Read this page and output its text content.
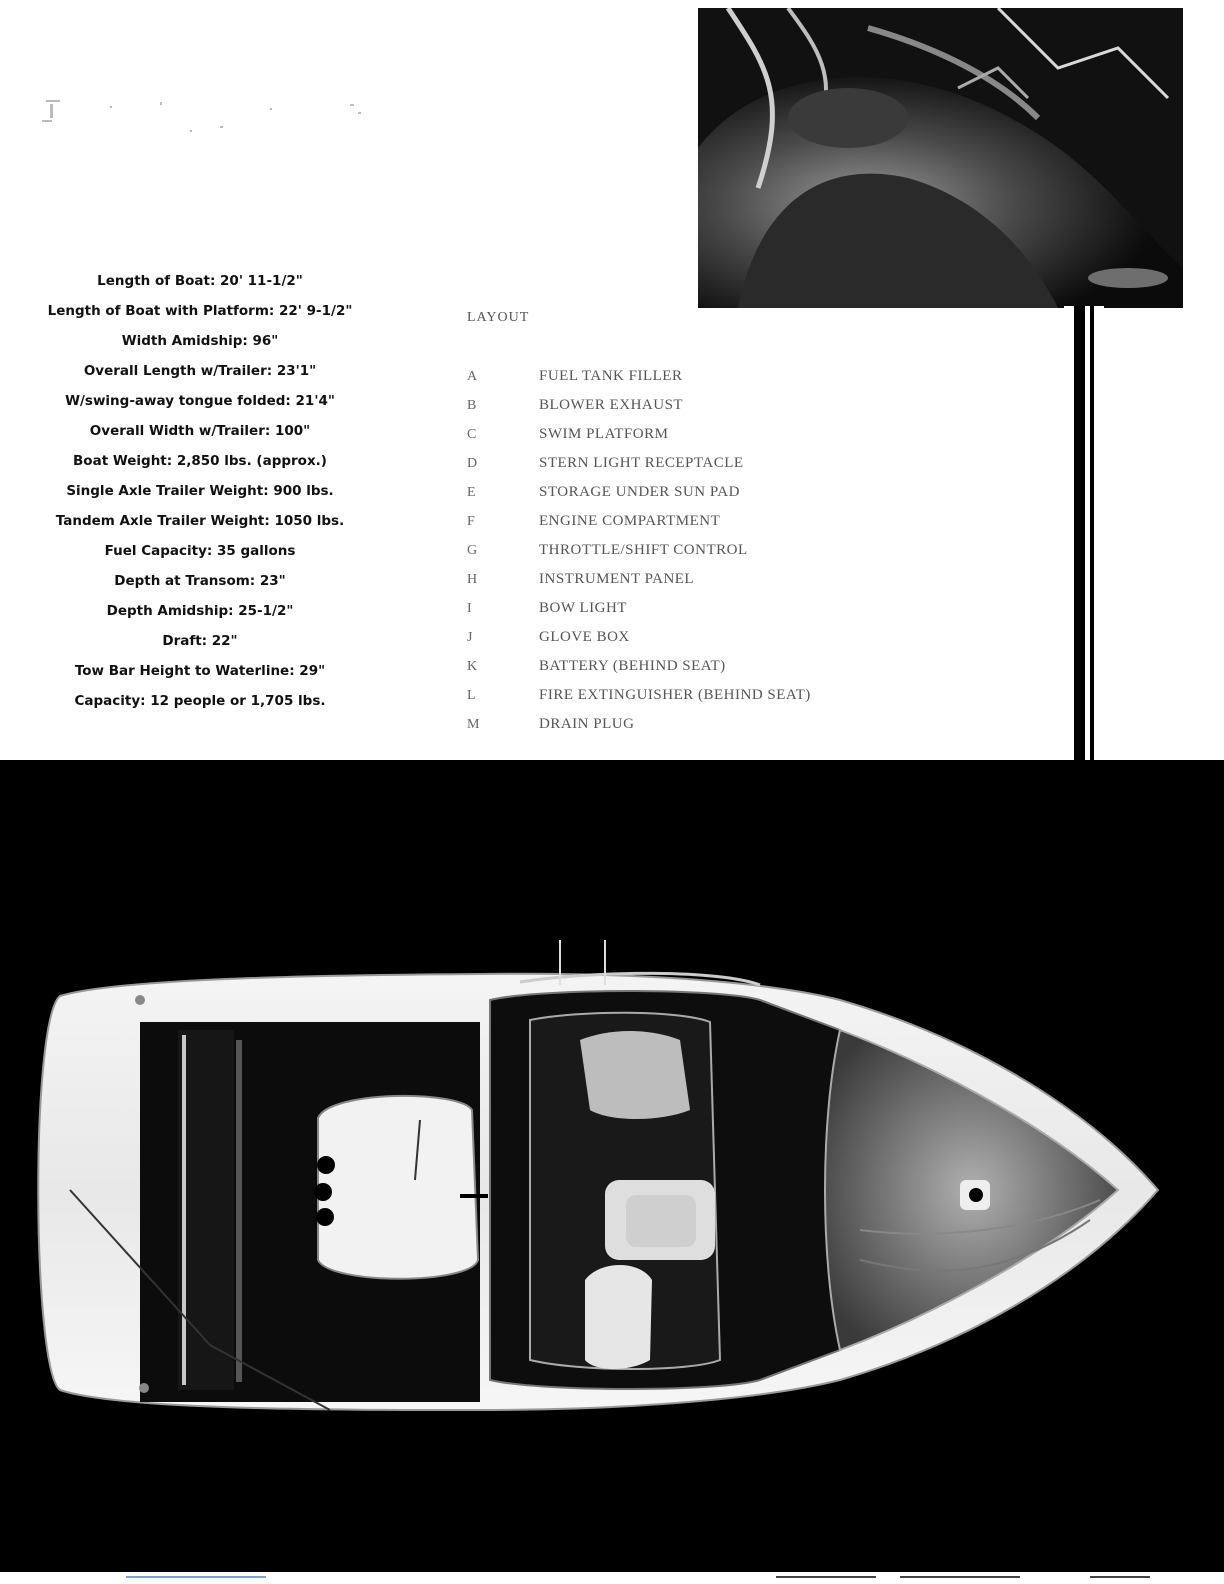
Length of Boat: 20' 11-1/2"
Length of Boat with Platform: 22' 9-1/2"
Width Amidship: 96"
Overall Length w/Trailer: 23'1"
W/swing-away tongue folded: 21'4"
Overall Width w/Trailer: 100"
Boat Weight: 2,850 lbs. (approx.)
Single Axle Trailer Weight: 900 lbs.
Tandem Axle Trailer Weight: 1050 lbs.
Fuel Capacity: 35 gallons
Depth at Transom: 23"
Depth Amidship: 25-1/2"
Draft: 22"
Tow Bar Height to Waterline: 29"
Capacity: 12 people or 1,705 lbs.
LAYOUT
A	FUEL TANK FILLER
B	BLOWER EXHAUST
C	SWIM PLATFORM
D	STERN LIGHT RECEPTACLE
E	STORAGE UNDER SUN PAD
F	ENGINE COMPARTMENT
G	THROTTLE/SHIFT CONTROL
H	INSTRUMENT PANEL
I	BOW LIGHT
J	GLOVE BOX
K	BATTERY (BEHIND SEAT)
L	FIRE EXTINGUISHER (BEHIND SEAT)
M	DRAIN PLUG
